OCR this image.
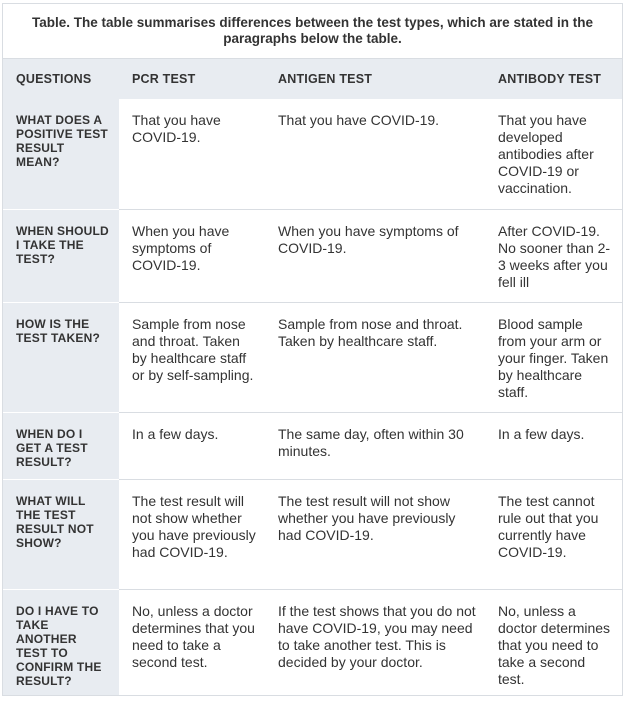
Table. The table summarises differences between the test types, which are stated in the paragraphs below the table.
QUESTIONS	PCR TEST	ANTIGEN TEST	ANTIBODY TEST
WHAT DOES A POSITIVE TEST RESULT MEAN?	That you have COVID-19.	That you have COVID-19.	That you have developed antibodies after COVID-19 or vaccination.
WHEN SHOULD I TAKE THE TEST?	When you have symptoms of COVID-19.	When you have symptoms of COVID-19.	After COVID-19. No sooner than 2-3 weeks after you fell ill
HOW IS THE TEST TAKEN?	Sample from nose and throat. Taken by healthcare staff or by self-sampling.	Sample from nose and throat. Taken by healthcare staff.	Blood sample from your arm or your finger. Taken by healthcare staff.
WHEN DO I GET A TEST RESULT?	In a few days.	The same day, often within 30 minutes.	In a few days.
WHAT WILL THE TEST RESULT NOT SHOW?	The test result will not show whether you have previously had COVID-19.	The test result will not show whether you have previously had COVID-19.	The test cannot rule out that you currently have COVID-19.
DO I HAVE TO TAKE ANOTHER TEST TO CONFIRM THE RESULT?	No, unless a doctor determines that you need to take a second test.	If the test shows that you do not have COVID-19, you may need to take another test. This is decided by your doctor.	No, unless a doctor determines that you need to take a second test.
